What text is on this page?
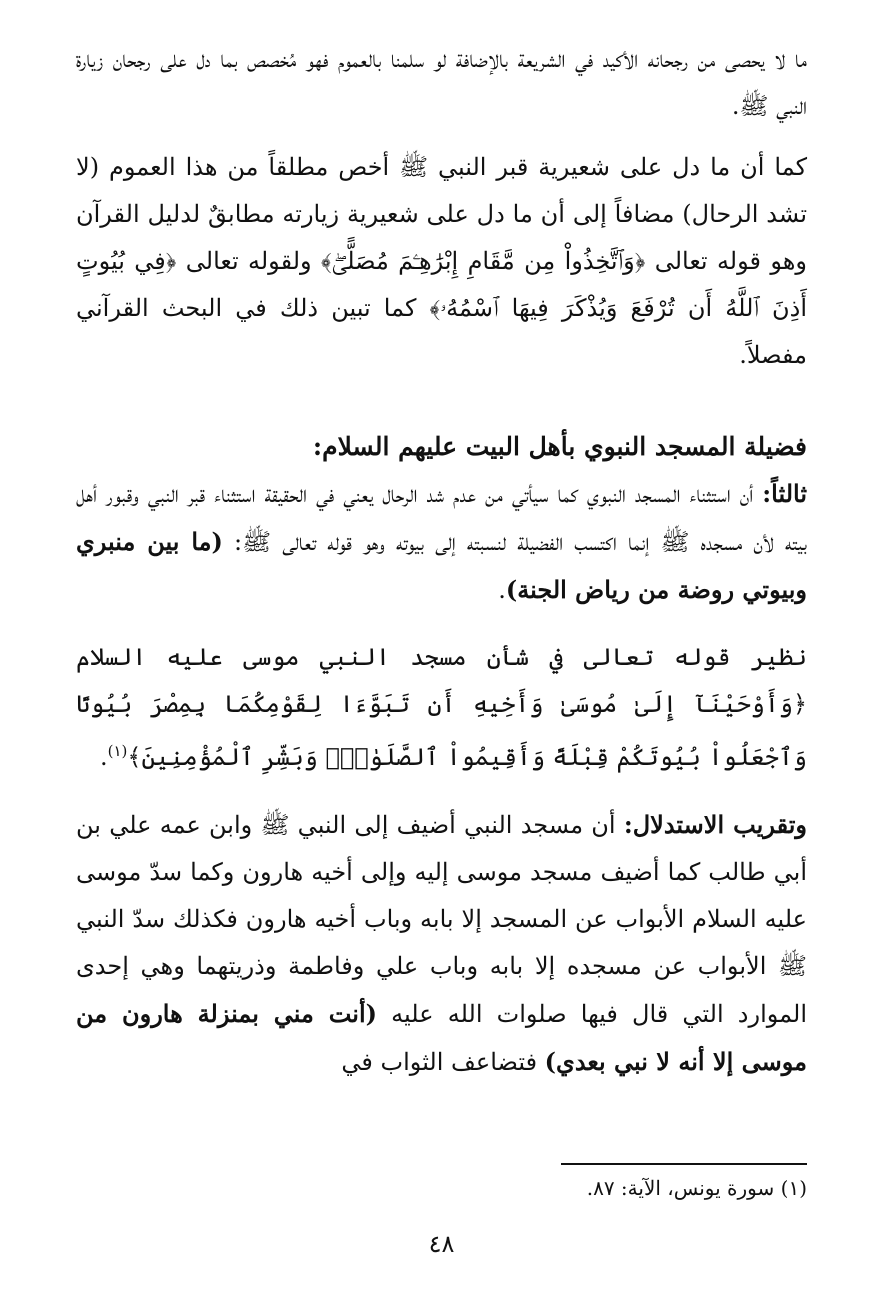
ما لا يحصى من رجحانه الأكيد في الشريعة بالإضافة لو سلمنا بالعموم فهو مُخصص بما دل على رجحان زيارة النبي ﷺ.

كما أن ما دل على شعيرية قبر النبي ﷺ أخص مطلقاً من هذا العموم (لا تشد الرحال) مضافاً إلى أن ما دل على شعيرية زيارته مطابقٌ لدليل القرآن وهو قوله تعالى ﴿وَٱتَّخِذُواْ مِن مَّقَامِ إِبْرَٰهِـۧمَ مُصَلًّىۖ﴾ ولقوله تعالى ﴿فِي بُيُوتٍ أَذِنَ ٱللَّهُ أَن تُرْفَعَ وَيُذْكَرَ فِيهَا ٱسْمُهُۥ﴾ كما تبين ذلك في البحث القرآني مفصلاً.

فضيلة المسجد النبوي بأهل البيت عليهم السلام:

ثالثاً: أن استثناء المسجد النبوي كما سيأتي من عدم شد الرحال يعني في الحقيقة استثناء قبر النبي وقبور أهل بيته لأن مسجده ﷺ إنما اكتسب الفضيلة لنسبته إلى بيوته وهو قوله تعالى ﷺ: (ما بين منبري وبيوتي روضة من رياض الجنة).

نظير قوله تعالى في شأن مسجد النبي موسى عليه السلام ﴿وَأَوْحَيْنَآ إِلَىٰ مُوسَىٰ وَأَخِيهِ أَن تَبَوَّءَا لِقَوْمِكُمَا بِمِصْرَ بُيُوتًا وَٱجْعَلُواْ بُيُوتَكُمْ قِبْلَةً وَأَقِيمُواْ ٱلصَّلَوٰةَۗ وَبَشِّرِ ٱلْمُؤْمِنِينَ﴾$^{(١)}$.

وتقريب الاستدلال: أن مسجد النبي أضيف إلى النبي ﷺ وابن عمه علي بن أبي طالب كما أضيف مسجد موسى إليه وإلى أخيه هارون وكما سدّ موسى عليه السلام الأبواب عن المسجد إلا بابه وباب أخيه هارون فكذلك سدّ النبي ﷺ الأبواب عن مسجده إلا بابه وباب علي وفاطمة وذريتهما وهي إحدى الموارد التي قال فيها صلوات الله عليه (أنت مني بمنزلة هارون من موسى إلا أنه لا نبي بعدي) فتضاعف الثواب في

(١) سورة يونس، الآية: ٨٧.
٤٨
